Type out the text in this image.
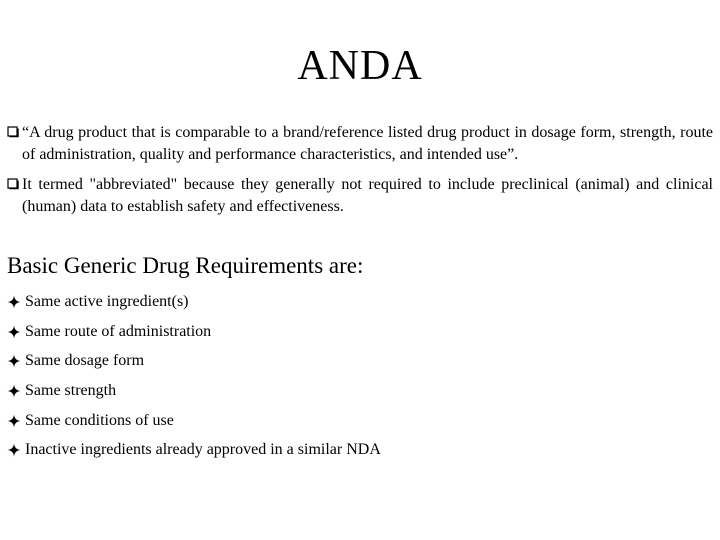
ANDA
“A drug product that is comparable to a brand/reference listed drug product in dosage form, strength, route of administration, quality and performance characteristics, and intended use”.
It termed "abbreviated" because they generally not required to include preclinical (animal) and clinical (human) data to establish safety and effectiveness.
Basic Generic Drug Requirements are:
Same active ingredient(s)
Same route of administration
Same dosage form
Same strength
Same conditions of use
Inactive ingredients already approved in a similar NDA
